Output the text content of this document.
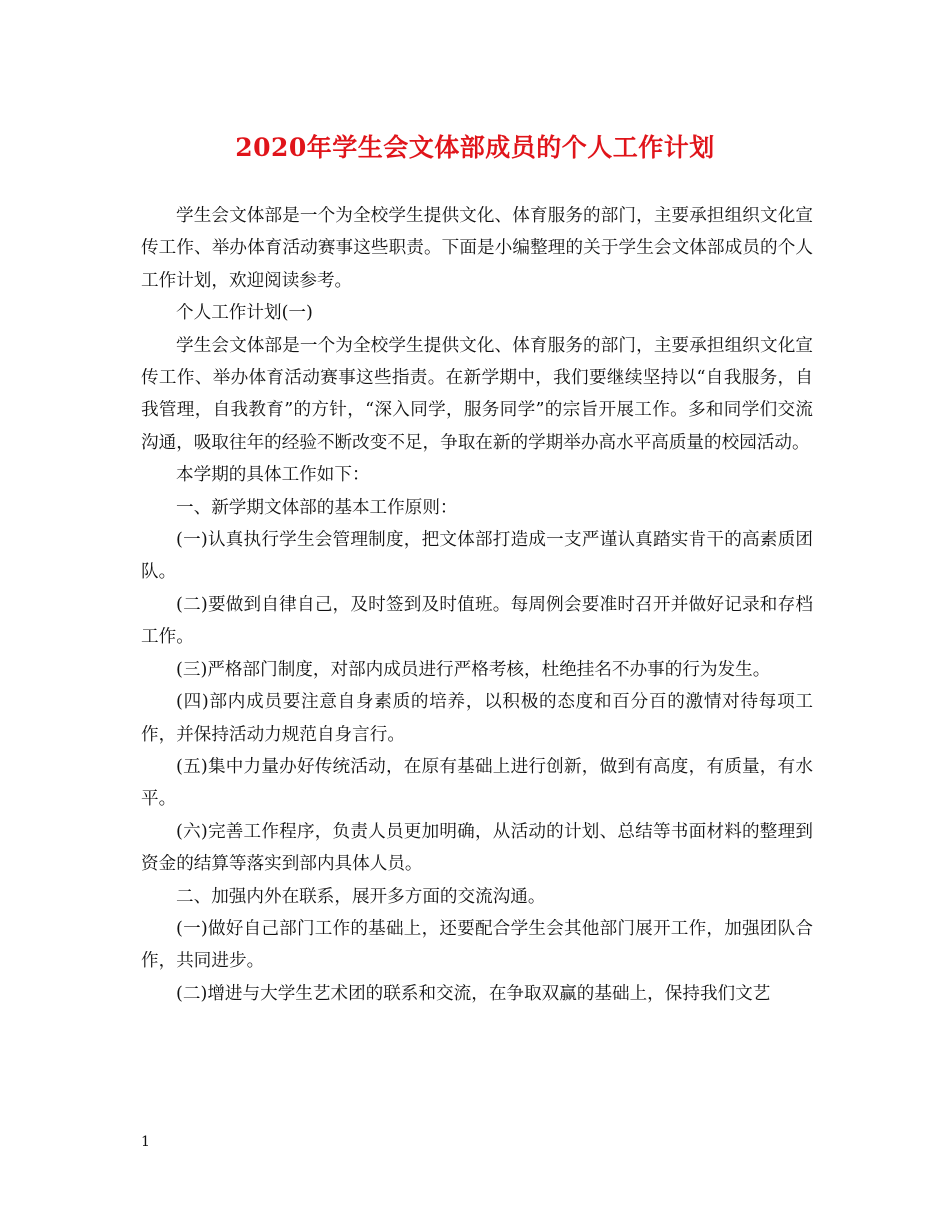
2020年学生会文体部成员的个人工作计划

学生会文体部是一个为全校学生提供文化、体育服务的部门，主要承担组织文化宣传工作、举办体育活动赛事这些职责。下面是小编整理的关于学生会文体部成员的个人工作计划，欢迎阅读参考。

个人工作计划(一)

学生会文体部是一个为全校学生提供文化、体育服务的部门，主要承担组织文化宣传工作、举办体育活动赛事这些指责。在新学期中，我们要继续坚持以“自我服务，自我管理，自我教育”的方针，“深入同学，服务同学”的宗旨开展工作。多和同学们交流沟通，吸取往年的经验不断改变不足，争取在新的学期举办高水平高质量的校园活动。

本学期的具体工作如下：

一、新学期文体部的基本工作原则：

(一)认真执行学生会管理制度，把文体部打造成一支严谨认真踏实肯干的高素质团队。

(二)要做到自律自己，及时签到及时值班。每周例会要准时召开并做好记录和存档工作。

(三)严格部门制度，对部内成员进行严格考核，杜绝挂名不办事的行为发生。

(四)部内成员要注意自身素质的培养，以积极的态度和百分百的激情对待每项工作，并保持活动力规范自身言行。

(五)集中力量办好传统活动，在原有基础上进行创新，做到有高度，有质量，有水平。

(六)完善工作程序，负责人员更加明确，从活动的计划、总结等书面材料的整理到资金的结算等落实到部内具体人员。

二、加强内外在联系，展开多方面的交流沟通。

(一)做好自己部门工作的基础上，还要配合学生会其他部门展开工作，加强团队合作，共同进步。

(二)增进与大学生艺术团的联系和交流，在争取双赢的基础上，保持我们文艺

1
